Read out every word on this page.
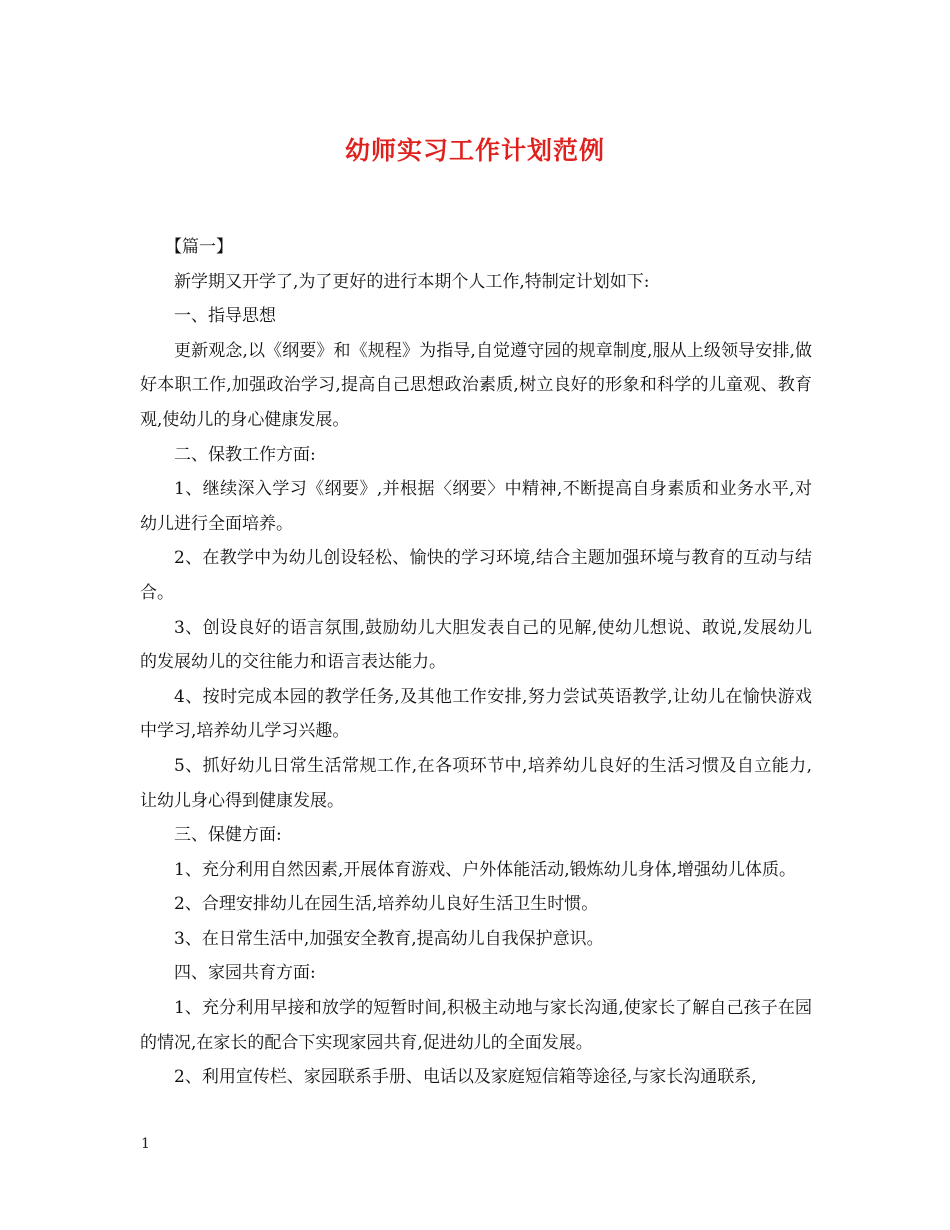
幼师实习工作计划范例

【篇一】

新学期又开学了,为了更好的进行本期个人工作,特制定计划如下:

一、指导思想

更新观念,以《纲要》和《规程》为指导,自觉遵守园的规章制度,服从上级领导安排,做好本职工作,加强政治学习,提高自己思想政治素质,树立良好的形象和科学的儿童观、教育观,使幼儿的身心健康发展。

二、保教工作方面:

1、继续深入学习《纲要》,并根据〈纲要〉中精神,不断提高自身素质和业务水平,对幼儿进行全面培养。

2、在教学中为幼儿创设轻松、愉快的学习环境,结合主题加强环境与教育的互动与结合。

3、创设良好的语言氛围,鼓励幼儿大胆发表自己的见解,使幼儿想说、敢说,发展幼儿的发展幼儿的交往能力和语言表达能力。

4、按时完成本园的教学任务,及其他工作安排,努力尝试英语教学,让幼儿在愉快游戏中学习,培养幼儿学习兴趣。

5、抓好幼儿日常生活常规工作,在各项环节中,培养幼儿良好的生活习惯及自立能力,让幼儿身心得到健康发展。

三、保健方面:

1、充分利用自然因素,开展体育游戏、户外体能活动,锻炼幼儿身体,增强幼儿体质。

2、合理安排幼儿在园生活,培养幼儿良好生活卫生时惯。

3、在日常生活中,加强安全教育,提高幼儿自我保护意识。

四、家园共育方面:

1、充分利用早接和放学的短暂时间,积极主动地与家长沟通,使家长了解自己孩子在园的情况,在家长的配合下实现家园共育,促进幼儿的全面发展。

2、利用宣传栏、家园联系手册、电话以及家庭短信箱等途径,与家长沟通联系,

1
